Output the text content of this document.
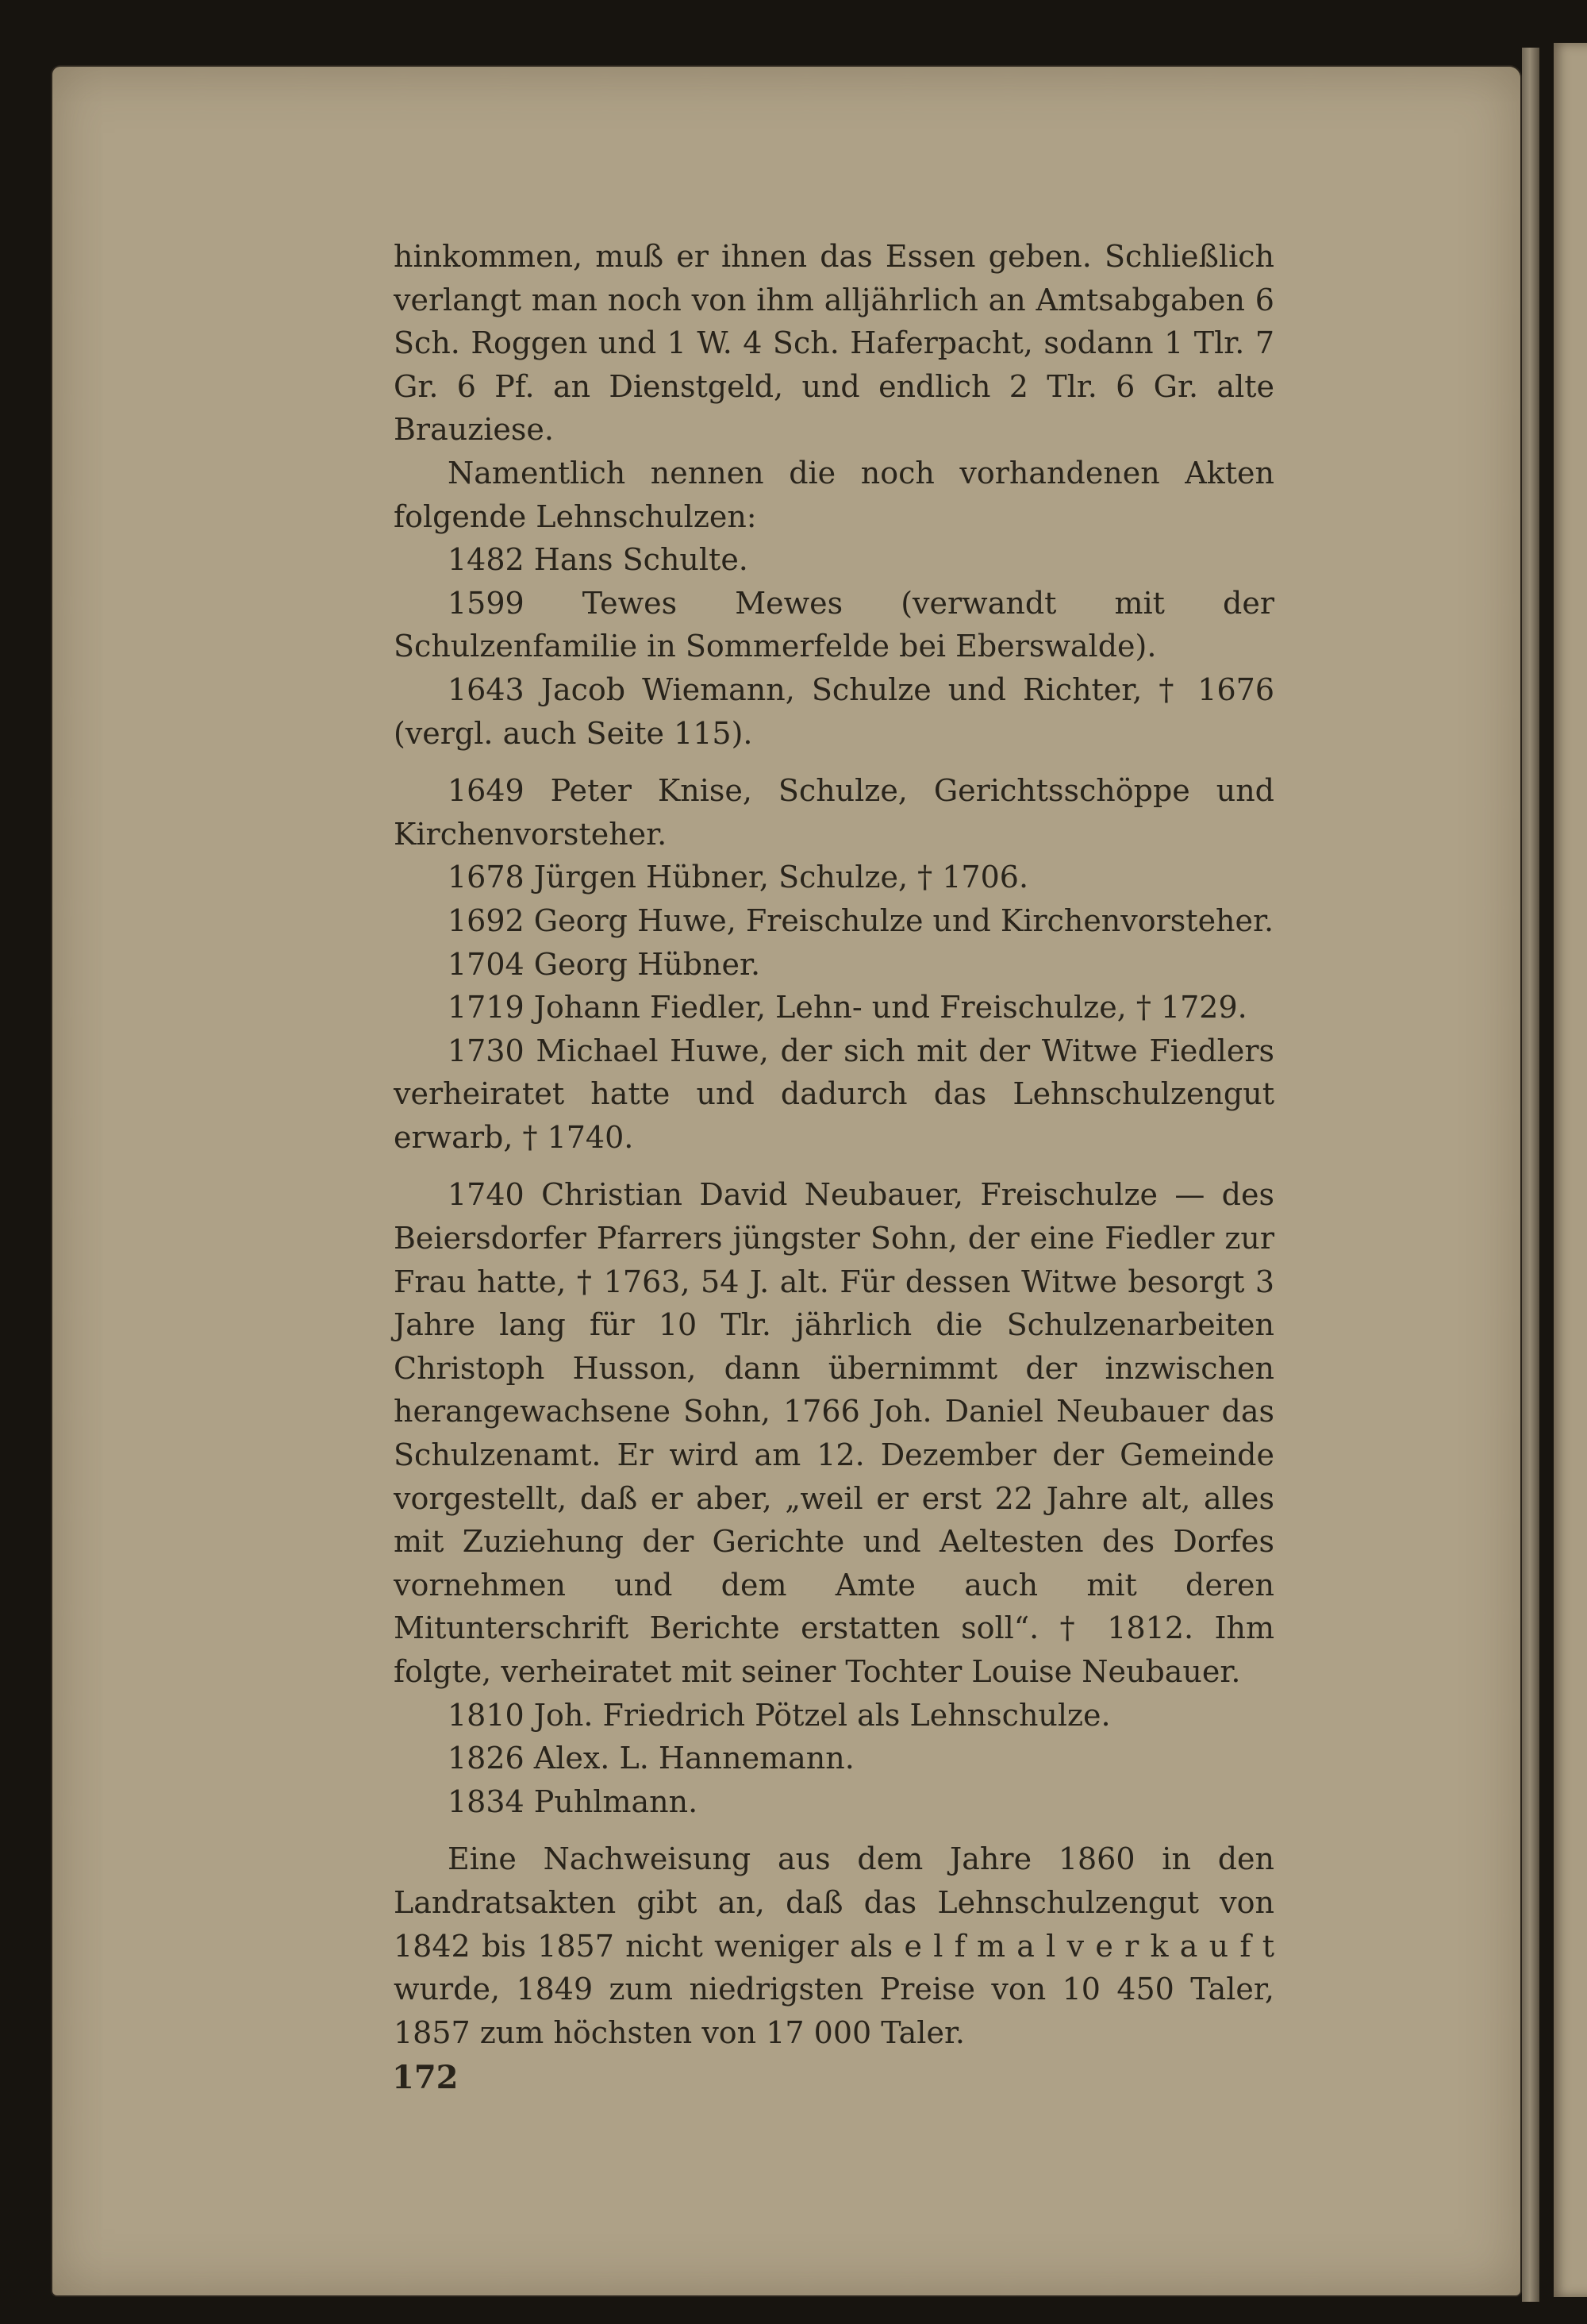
hinkommen, muß er ihnen das Essen geben. Schließlich verlangt man noch von ihm alljährlich an Amtsabgaben 6 Sch. Roggen und 1 W. 4 Sch. Haferpacht, sodann 1 Tlr. 7 Gr. 6 Pf. an Dienstgeld, und endlich 2 Tlr. 6 Gr. alte Brauziese.

Namentlich nennen die noch vorhandenen Akten folgende Lehnschulzen:

1482 Hans Schulte.

1599 Tewes Mewes (verwandt mit der Schulzenfamilie in Sommerfelde bei Eberswalde).

1643 Jacob Wiemann, Schulze und Richter, † 1676 (vergl. auch Seite 115).

1649 Peter Knise, Schulze, Gerichtsschöppe und Kirchenvorsteher.

1678 Jürgen Hübner, Schulze, † 1706.

1692 Georg Huwe, Freischulze und Kirchenvorsteher.

1704 Georg Hübner.

1719 Johann Fiedler, Lehn- und Freischulze, † 1729.

1730 Michael Huwe, der sich mit der Witwe Fiedlers verheiratet hatte und dadurch das Lehnschulzengut erwarb, † 1740.

1740 Christian David Neubauer, Freischulze — des Beiersdorfer Pfarrers jüngster Sohn, der eine Fiedler zur Frau hatte, † 1763, 54 J. alt. Für dessen Witwe besorgt 3 Jahre lang für 10 Tlr. jährlich die Schulzenarbeiten Christoph Husson, dann übernimmt der inzwischen herangewachsene Sohn, 1766 Joh. Daniel Neubauer das Schulzenamt. Er wird am 12. Dezember der Gemeinde vorgestellt, daß er aber, „weil er erst 22 Jahre alt, alles mit Zuziehung der Gerichte und Aeltesten des Dorfes vornehmen und dem Amte auch mit deren Mitunterschrift Berichte erstatten soll“. † 1812. Ihm folgte, verheiratet mit seiner Tochter Louise Neubauer.

1810 Joh. Friedrich Pötzel als Lehnschulze.

1826 Alex. L. Hannemann.

1834 Puhlmann.

Eine Nachweisung aus dem Jahre 1860 in den Landratsakten gibt an, daß das Lehnschulzengut von 1842 bis 1857 nicht weniger als e l f m a l v e r k a u f t wurde, 1849 zum niedrigsten Preise von 10 450 Taler, 1857 zum höchsten von 17 000 Taler.

172
